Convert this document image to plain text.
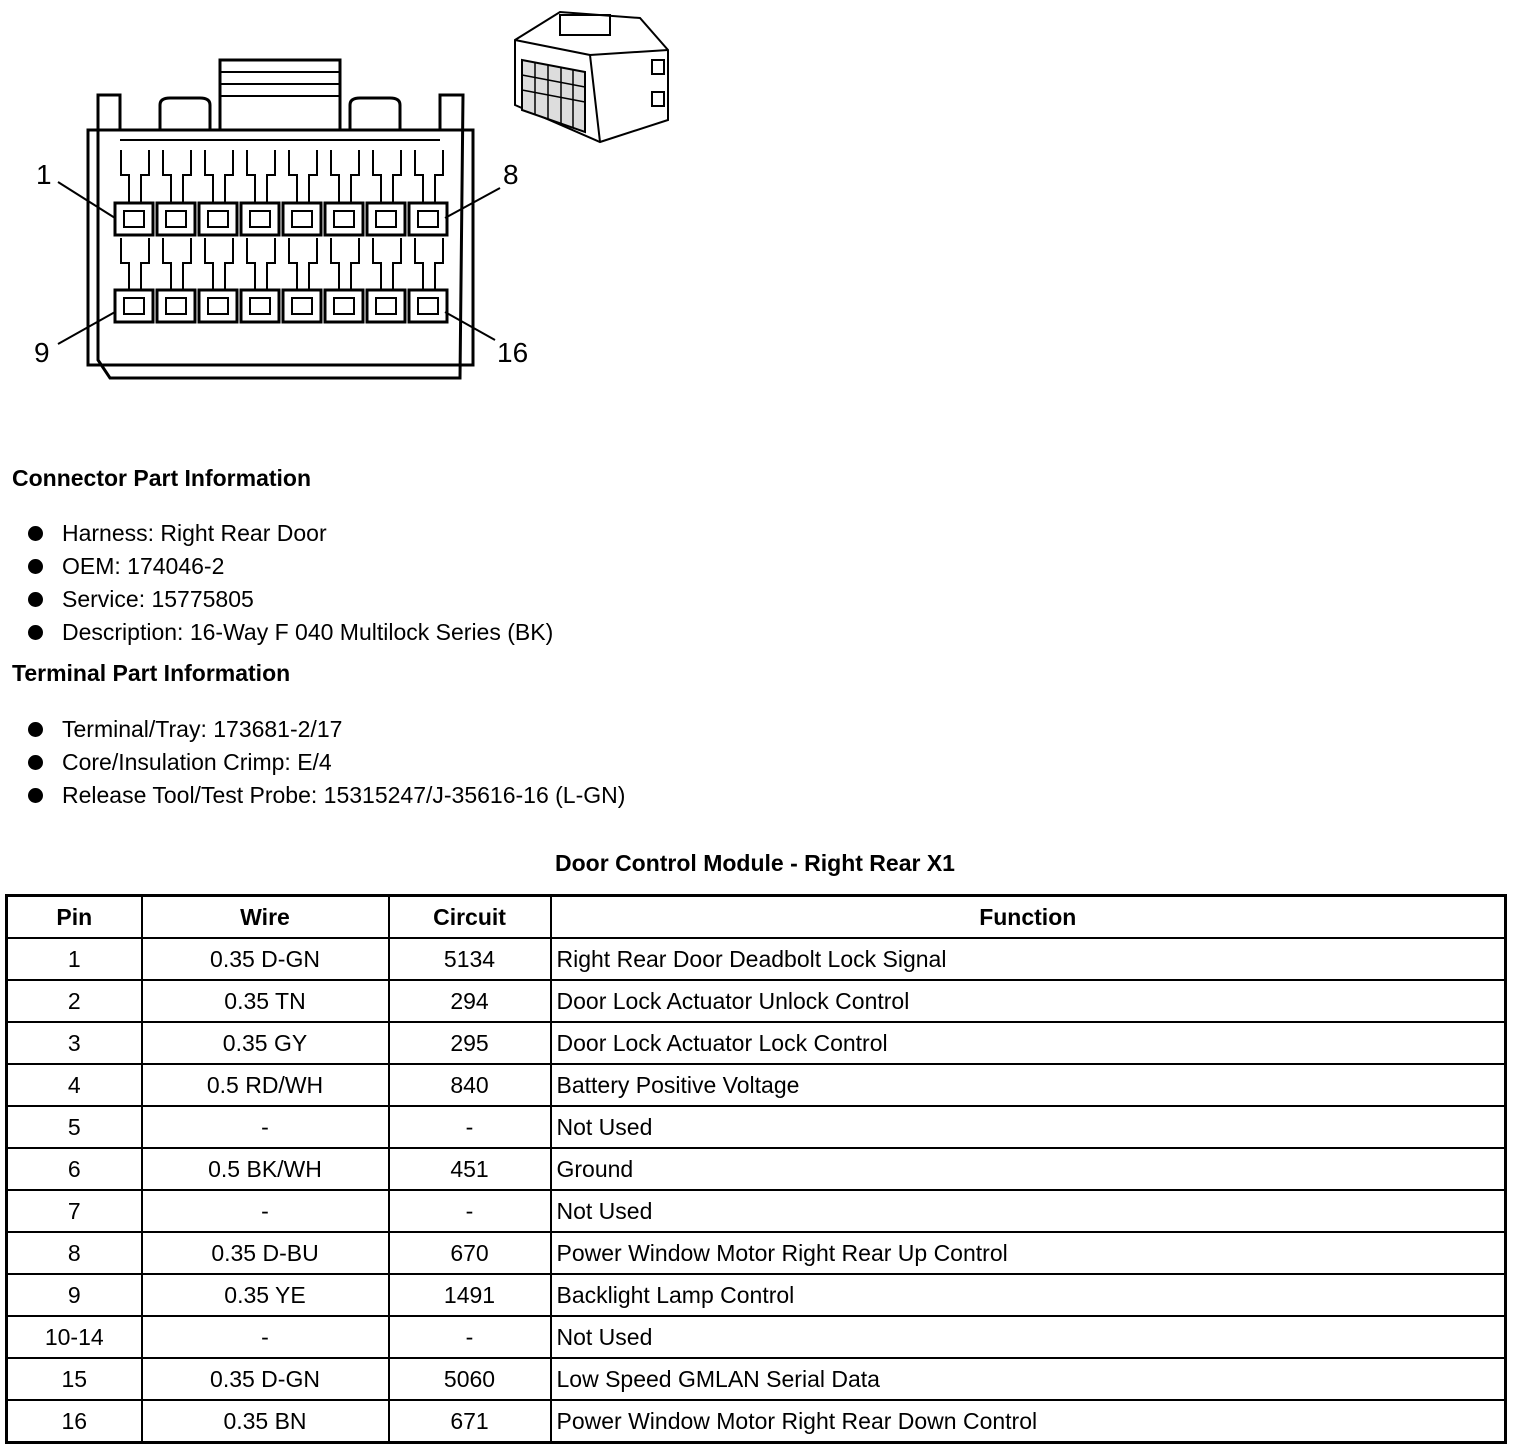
1	8
9	16
Connector Part Information
Harness: Right Rear Door
OEM: 174046-2
Service: 15775805
Description: 16-Way F 040 Multilock Series (BK)
Terminal Part Information
Terminal/Tray: 173681-2/17
Core/Insulation Crimp: E/4
Release Tool/Test Probe: 15315247/J-35616-16 (L-GN)
Door Control Module - Right Rear X1
Pin	Wire	Circuit	Function
1	0.35 D-GN	5134	Right Rear Door Deadbolt Lock Signal
2	0.35 TN	294	Door Lock Actuator Unlock Control
3	0.35 GY	295	Door Lock Actuator Lock Control
4	0.5 RD/WH	840	Battery Positive Voltage
5	-	-	Not Used
6	0.5 BK/WH	451	Ground
7	-	-	Not Used
8	0.35 D-BU	670	Power Window Motor Right Rear Up Control
9	0.35 YE	1491	Backlight Lamp Control
10-14	-	-	Not Used
15	0.35 D-GN	5060	Low Speed GMLAN Serial Data
16	0.35 BN	671	Power Window Motor Right Rear Down Control
